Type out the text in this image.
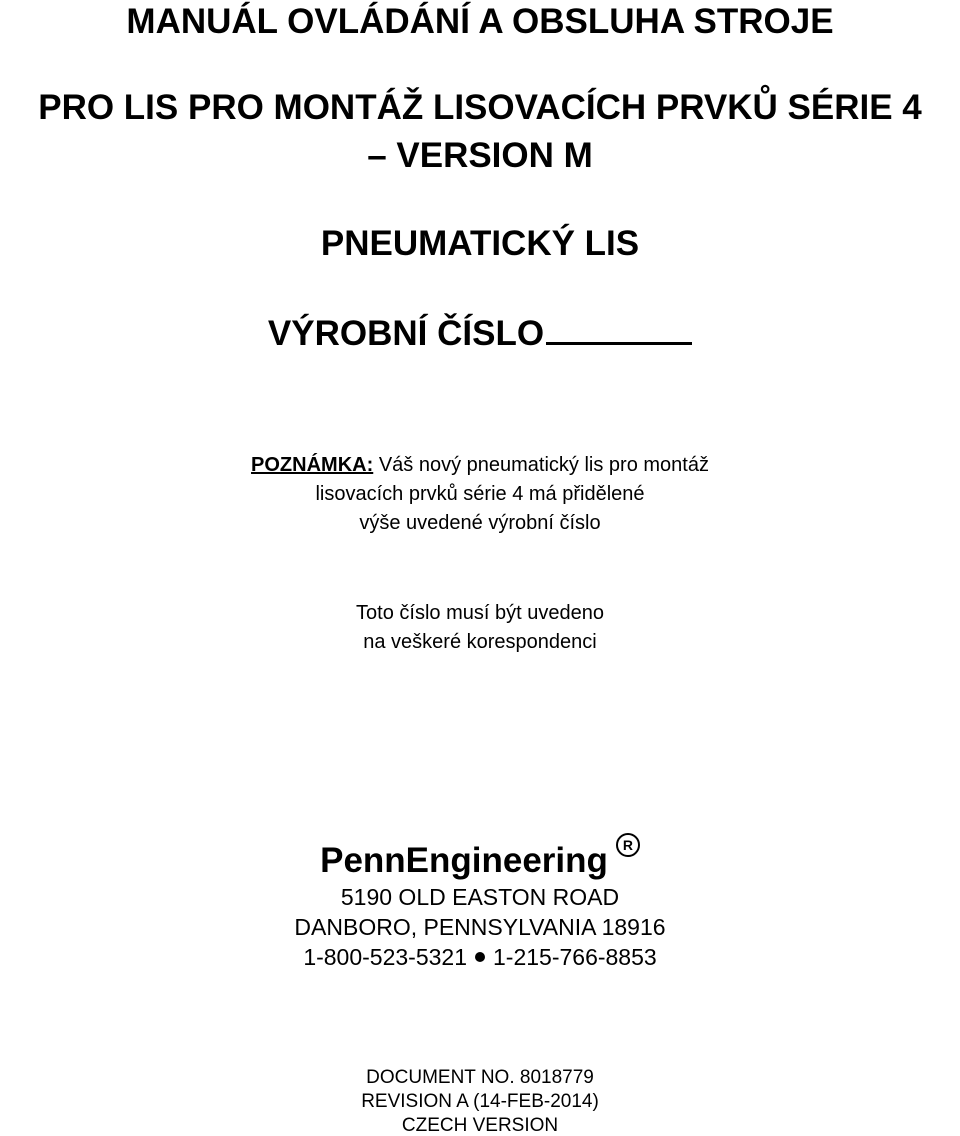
MANUÁL OVLÁDÁNÍ A OBSLUHA STROJE
PRO LIS PRO MONTÁŽ LISOVACÍCH PRVKŮ SÉRIE 4
– VERSION M
PNEUMATICKÝ LIS
VÝROBNÍ ČÍSLO
POZNÁMKA: Váš nový pneumatický lis pro montáž
lisovacích prvků série 4 má přidělené
výše uvedené výrobní číslo
Toto číslo musí být uvedeno
na veškeré korespondenci
PennEngineering R
5190 OLD EASTON ROAD
DANBORO, PENNSYLVANIA 18916
1-800-523-5321 1-215-766-8853
DOCUMENT NO. 8018779
REVISION A (14-FEB-2014)
CZECH VERSION
